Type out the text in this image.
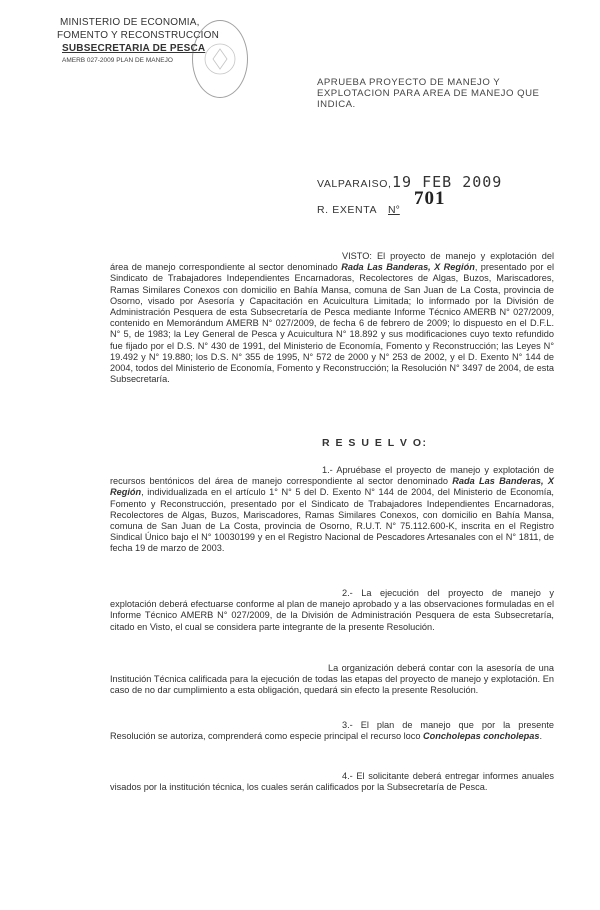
MINISTERIO DE ECONOMIA,
FOMENTO Y RECONSTRUCCION
SUBSECRETARIA DE PESCA
AMERB 027-2009 PLAN DE MANEJO
APRUEBA PROYECTO DE MANEJO Y EXPLOTACION PARA AREA DE MANEJO QUE INDICA.
VALPARAISO, 19 FEB 2009
R. EXENTA N°
701
VISTO: El proyecto de manejo y explotación del área de manejo correspondiente al sector denominado Rada Las Banderas, X Región, presentado por el Sindicato de Trabajadores Independientes Encarnadoras, Recolectores de Algas, Buzos, Mariscadores, Ramas Similares Conexos con domicilio en Bahía Mansa, comuna de San Juan de La Costa, provincia de Osorno, visado por Asesoría y Capacitación en Acuicultura Limitada; lo informado por la División de Administración Pesquera de esta Subsecretaría de Pesca mediante Informe Técnico AMERB N° 027/2009, contenido en Memorándum AMERB N° 027/2009, de fecha 6 de febrero de 2009; lo dispuesto en el D.F.L. N° 5, de 1983; la Ley General de Pesca y Acuicultura N° 18.892 y sus modificaciones cuyo texto refundido fue fijado por el D.S. N° 430 de 1991, del Ministerio de Economía, Fomento y Reconstrucción; las Leyes N° 19.492 y N° 19.880; los D.S. N° 355 de 1995, N° 572 de 2000 y N° 253 de 2002, y el D. Exento N° 144 de 2004, todos del Ministerio de Economía, Fomento y Reconstrucción; la Resolución N° 3497 de 2004, de esta Subsecretaría.
R E S U E L V O:
1.- Apruébase el proyecto de manejo y explotación de recursos bentónicos del área de manejo correspondiente al sector denominado Rada Las Banderas, X Región, individualizada en el artículo 1° N° 5 del D. Exento N° 144 de 2004, del Ministerio de Economía, Fomento y Reconstrucción, presentado por el Sindicato de Trabajadores Independientes Encarnadoras, Recolectores de Algas, Buzos, Mariscadores, Ramas Similares Conexos, con domicilio en Bahía Mansa, comuna de San Juan de La Costa, provincia de Osorno, R.U.T. N° 75.112.600-K, inscrita en el Registro Sindical Único bajo el N° 10030199 y en el Registro Nacional de Pescadores Artesanales con el N° 1811, de fecha 19 de marzo de 2003.
2.- La ejecución del proyecto de manejo y explotación deberá efectuarse conforme al plan de manejo aprobado y a las observaciones formuladas en el Informe Técnico AMERB N° 027/2009, de la División de Administración Pesquera de esta Subsecretaría, citado en Visto, el cual se considera parte integrante de la presente Resolución.
La organización deberá contar con la asesoría de una Institución Técnica calificada para la ejecución de todas las etapas del proyecto de manejo y explotación. En caso de no dar cumplimiento a esta obligación, quedará sin efecto la presente Resolución.
3.- El plan de manejo que por la presente Resolución se autoriza, comprenderá como especie principal el recurso loco Concholepas concholepas.
4.- El solicitante deberá entregar informes anuales visados por la institución técnica, los cuales serán calificados por la Subsecretaría de Pesca.
